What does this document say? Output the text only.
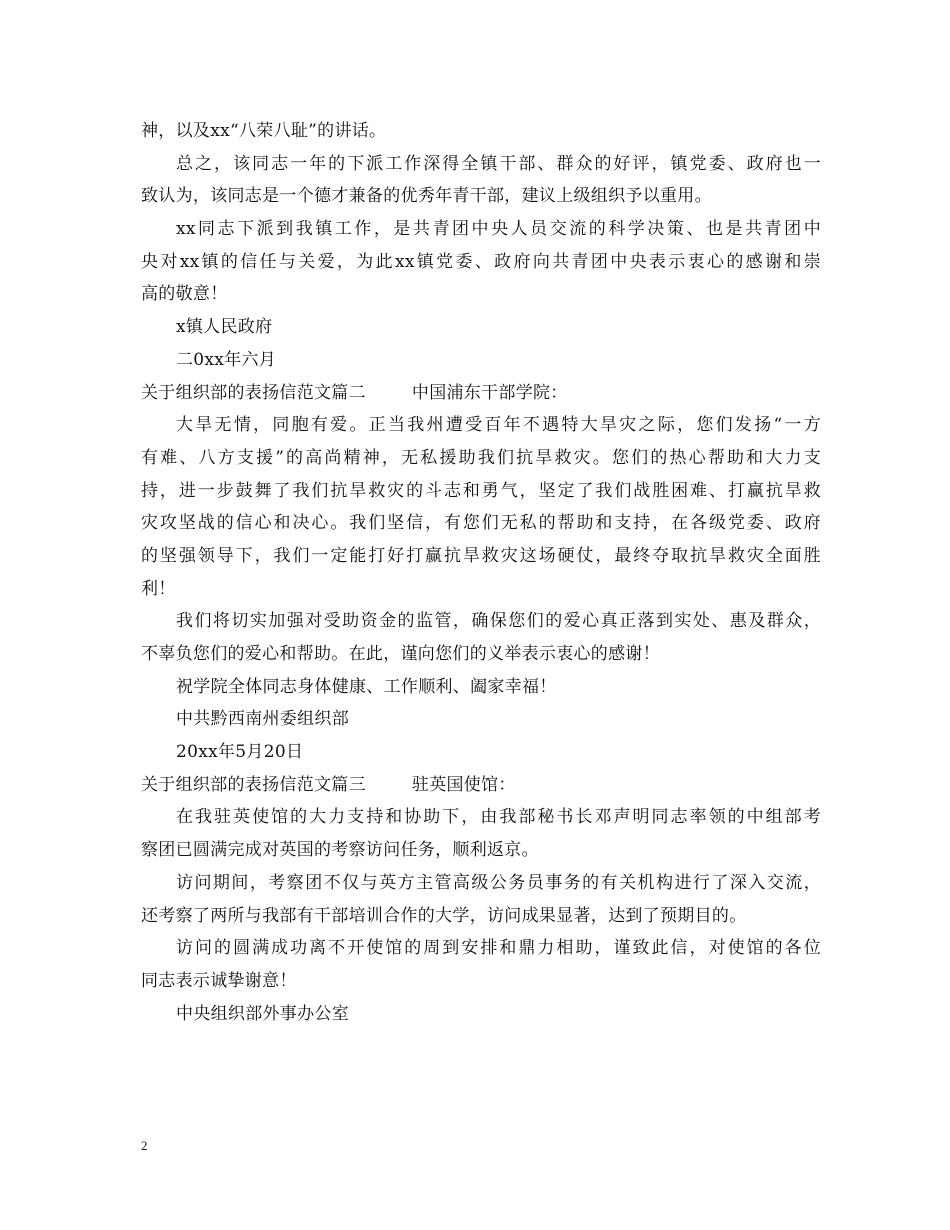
神，以及xx“八荣八耻”的讲话。
总之，该同志一年的下派工作深得全镇干部、群众的好评，镇党委、政府也一
致认为，该同志是一个德才兼备的优秀年青干部，建议上级组织予以重用。
xx同志下派到我镇工作，是共青团中央人员交流的科学决策、也是共青团中
央对xx镇的信任与关爱，为此xx镇党委、政府向共青团中央表示衷心的感谢和崇
高的敬意！
x镇人民政府
二0xx年六月
关于组织部的表扬信范文篇二	中国浦东干部学院：
大旱无情，同胞有爱。正当我州遭受百年不遇特大旱灾之际，您们发扬“一方
有难、八方支援”的高尚精神，无私援助我们抗旱救灾。您们的热心帮助和大力支
持，进一步鼓舞了我们抗旱救灾的斗志和勇气，坚定了我们战胜困难、打赢抗旱救
灾攻坚战的信心和决心。我们坚信，有您们无私的帮助和支持，在各级党委、政府
的坚强领导下，我们一定能打好打赢抗旱救灾这场硬仗，最终夺取抗旱救灾全面胜
利！
我们将切实加强对受助资金的监管，确保您们的爱心真正落到实处、惠及群众，
不辜负您们的爱心和帮助。在此，谨向您们的义举表示衷心的感谢！
祝学院全体同志身体健康、工作顺利、阖家幸福！
中共黔西南州委组织部
20xx年5月20日
关于组织部的表扬信范文篇三	驻英国使馆：
在我驻英使馆的大力支持和协助下，由我部秘书长邓声明同志率领的中组部考
察团已圆满完成对英国的考察访问任务，顺利返京。
访问期间，考察团不仅与英方主管高级公务员事务的有关机构进行了深入交流，
还考察了两所与我部有干部培训合作的大学，访问成果显著，达到了预期目的。
访问的圆满成功离不开使馆的周到安排和鼎力相助，谨致此信，对使馆的各位
同志表示诚挚谢意！
中央组织部外事办公室
2
